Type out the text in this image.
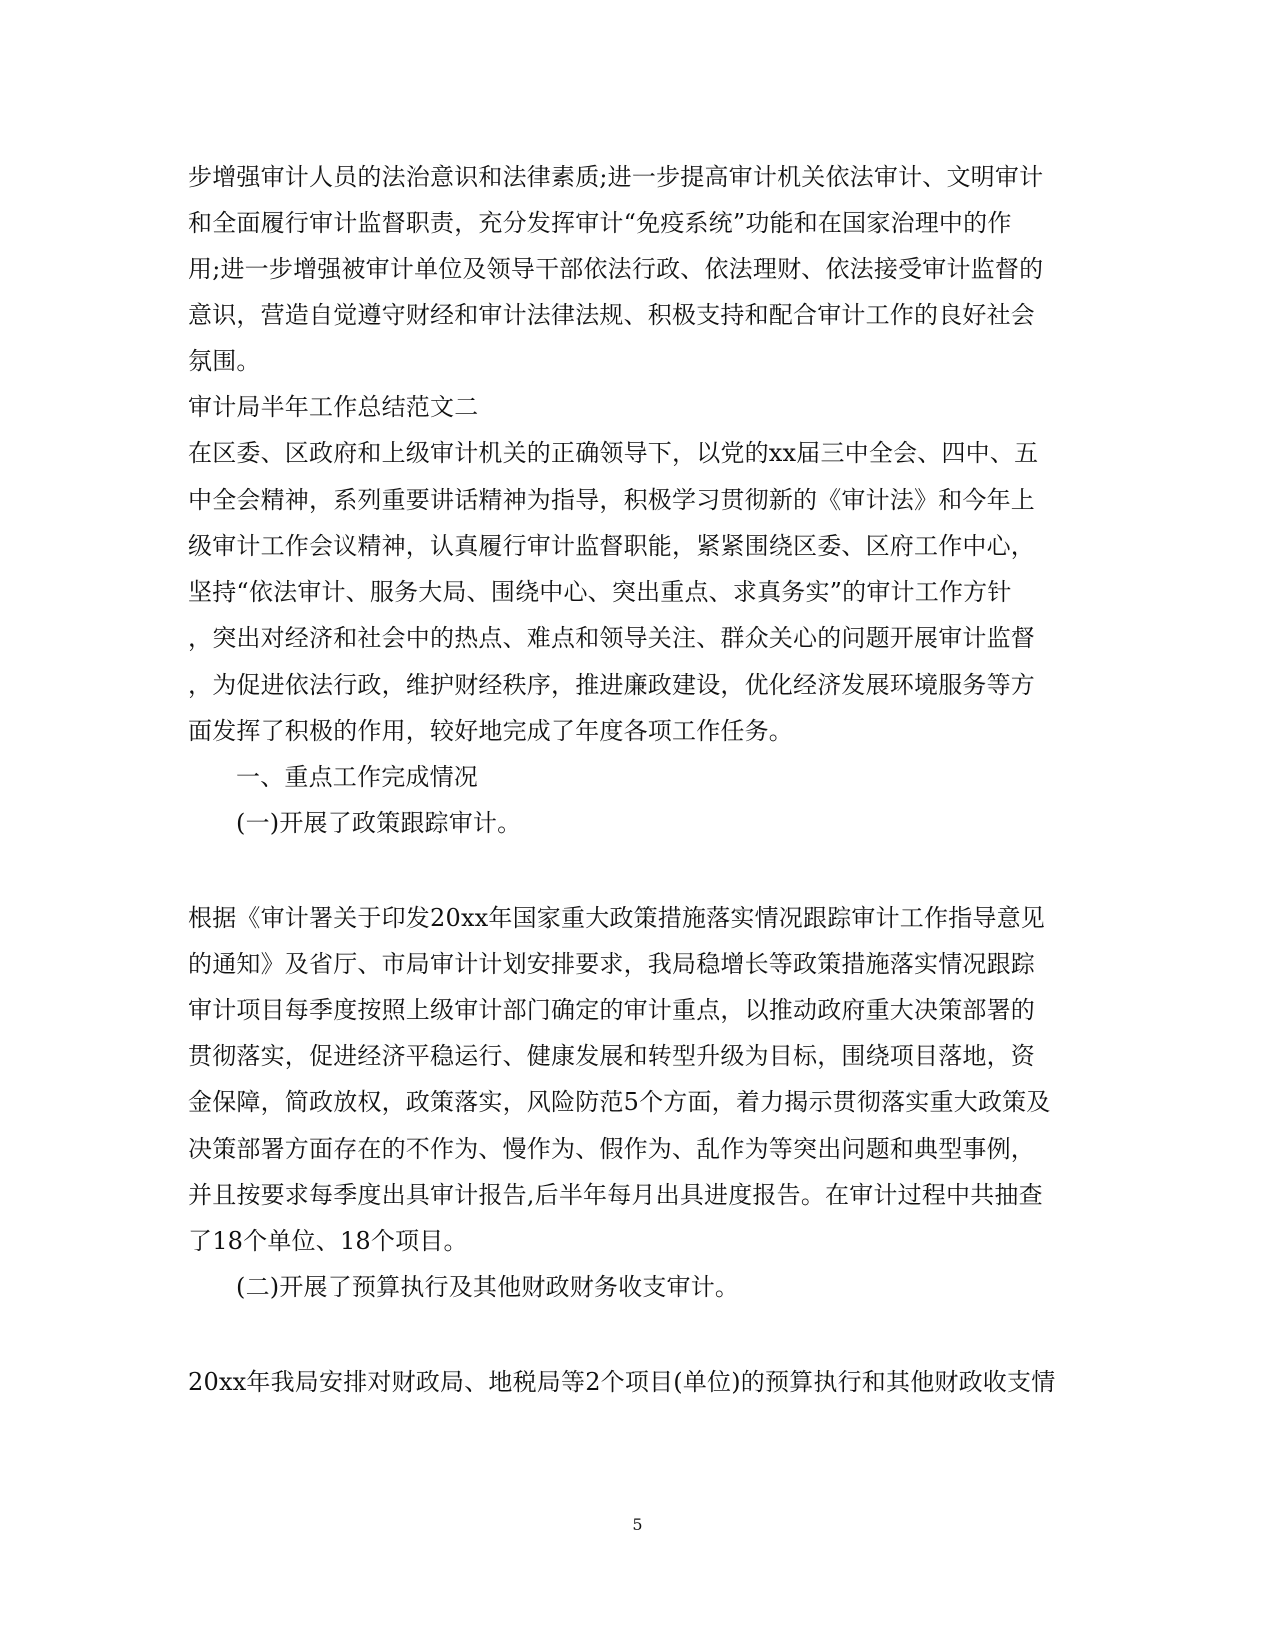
步增强审计人员的法治意识和法律素质;进一步提高审计机关依法审计、文明审计
和全面履行审计监督职责，充分发挥审计“免疫系统”功能和在国家治理中的作
用;进一步增强被审计单位及领导干部依法行政、依法理财、依法接受审计监督的
意识，营造自觉遵守财经和审计法律法规、积极支持和配合审计工作的良好社会
氛围。
审计局半年工作总结范文二
在区委、区政府和上级审计机关的正确领导下，以党的xx届三中全会、四中、五
中全会精神，系列重要讲话精神为指导，积极学习贯彻新的《审计法》和今年上
级审计工作会议精神，认真履行审计监督职能，紧紧围绕区委、区府工作中心，
坚持“依法审计、服务大局、围绕中心、突出重点、求真务实”的审计工作方针
，突出对经济和社会中的热点、难点和领导关注、群众关心的问题开展审计监督
，为促进依法行政，维护财经秩序，推进廉政建设，优化经济发展环境服务等方
面发挥了积极的作用，较好地完成了年度各项工作任务。
一、重点工作完成情况
(一)开展了政策跟踪审计。
根据《审计署关于印发20xx年国家重大政策措施落实情况跟踪审计工作指导意见
的通知》及省厅、市局审计计划安排要求，我局稳增长等政策措施落实情况跟踪
审计项目每季度按照上级审计部门确定的审计重点，以推动政府重大决策部署的
贯彻落实，促进经济平稳运行、健康发展和转型升级为目标，围绕项目落地，资
金保障，简政放权，政策落实，风险防范5个方面，着力揭示贯彻落实重大政策及
决策部署方面存在的不作为、慢作为、假作为、乱作为等突出问题和典型事例，
并且按要求每季度出具审计报告,后半年每月出具进度报告。在审计过程中共抽查
了18个单位、18个项目。
(二)开展了预算执行及其他财政财务收支审计。
20xx年我局安排对财政局、地税局等2个项目(单位)的预算执行和其他财政收支情
5
